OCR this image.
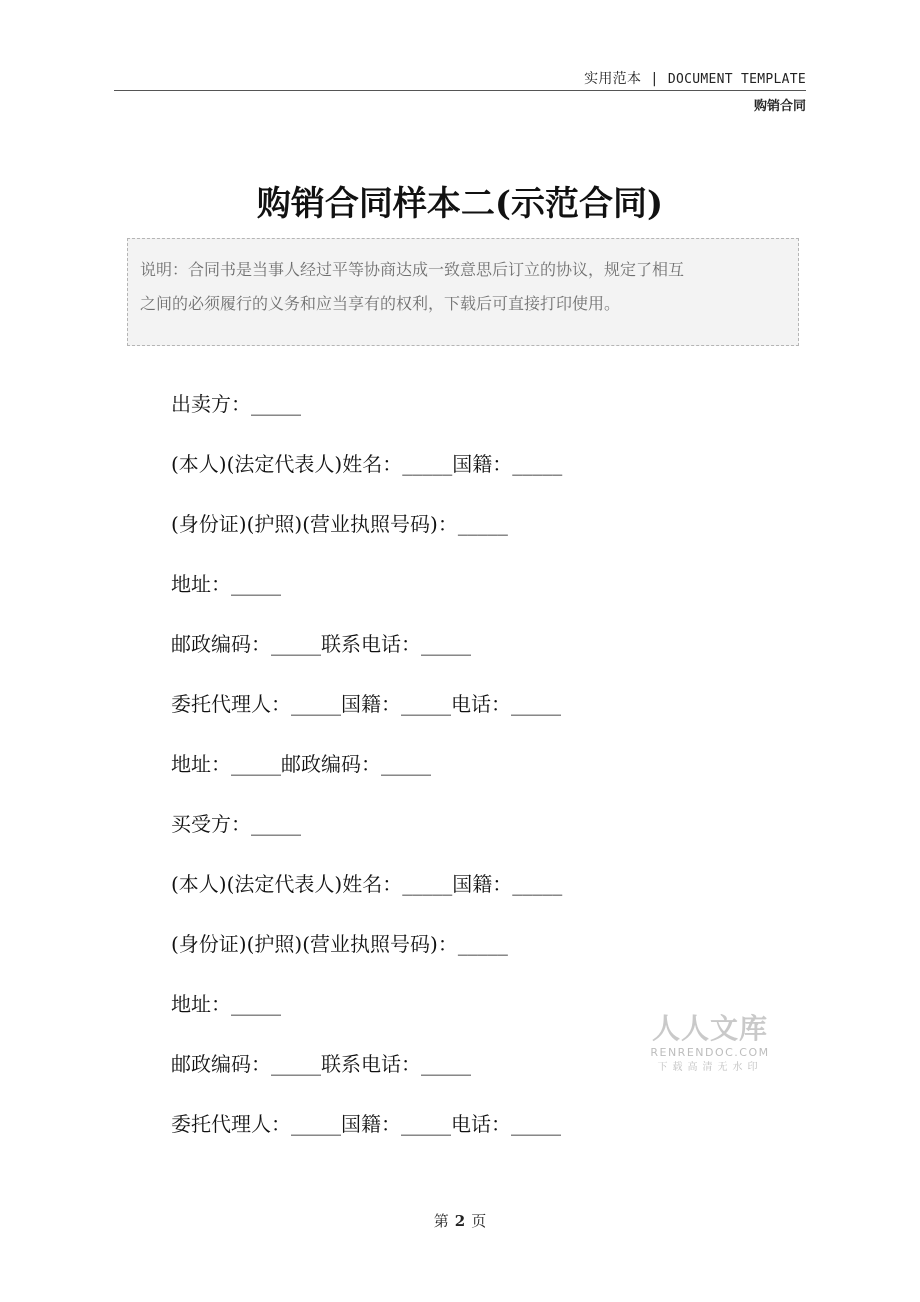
实用范本 | DOCUMENT TEMPLATE
购销合同
购销合同样本二(示范合同)
说明：合同书是当事人经过平等协商达成一致意思后订立的协议，规定了相互
之间的必须履行的义务和应当享有的权利，下载后可直接打印使用。
出卖方：_____
(本人)(法定代表人)姓名：_____国籍：_____
(身份证)(护照)(营业执照号码)：_____
地址：_____
邮政编码：_____联系电话：_____
委托代理人：_____国籍：_____电话：_____
地址：_____邮政编码：_____
买受方：_____
(本人)(法定代表人)姓名：_____国籍：_____
(身份证)(护照)(营业执照号码)：_____
地址：_____
邮政编码：_____联系电话：_____
委托代理人：_____国籍：_____电话：_____
人人文库
RENRENDOC.COM
下载高清无水印
第 2 页
